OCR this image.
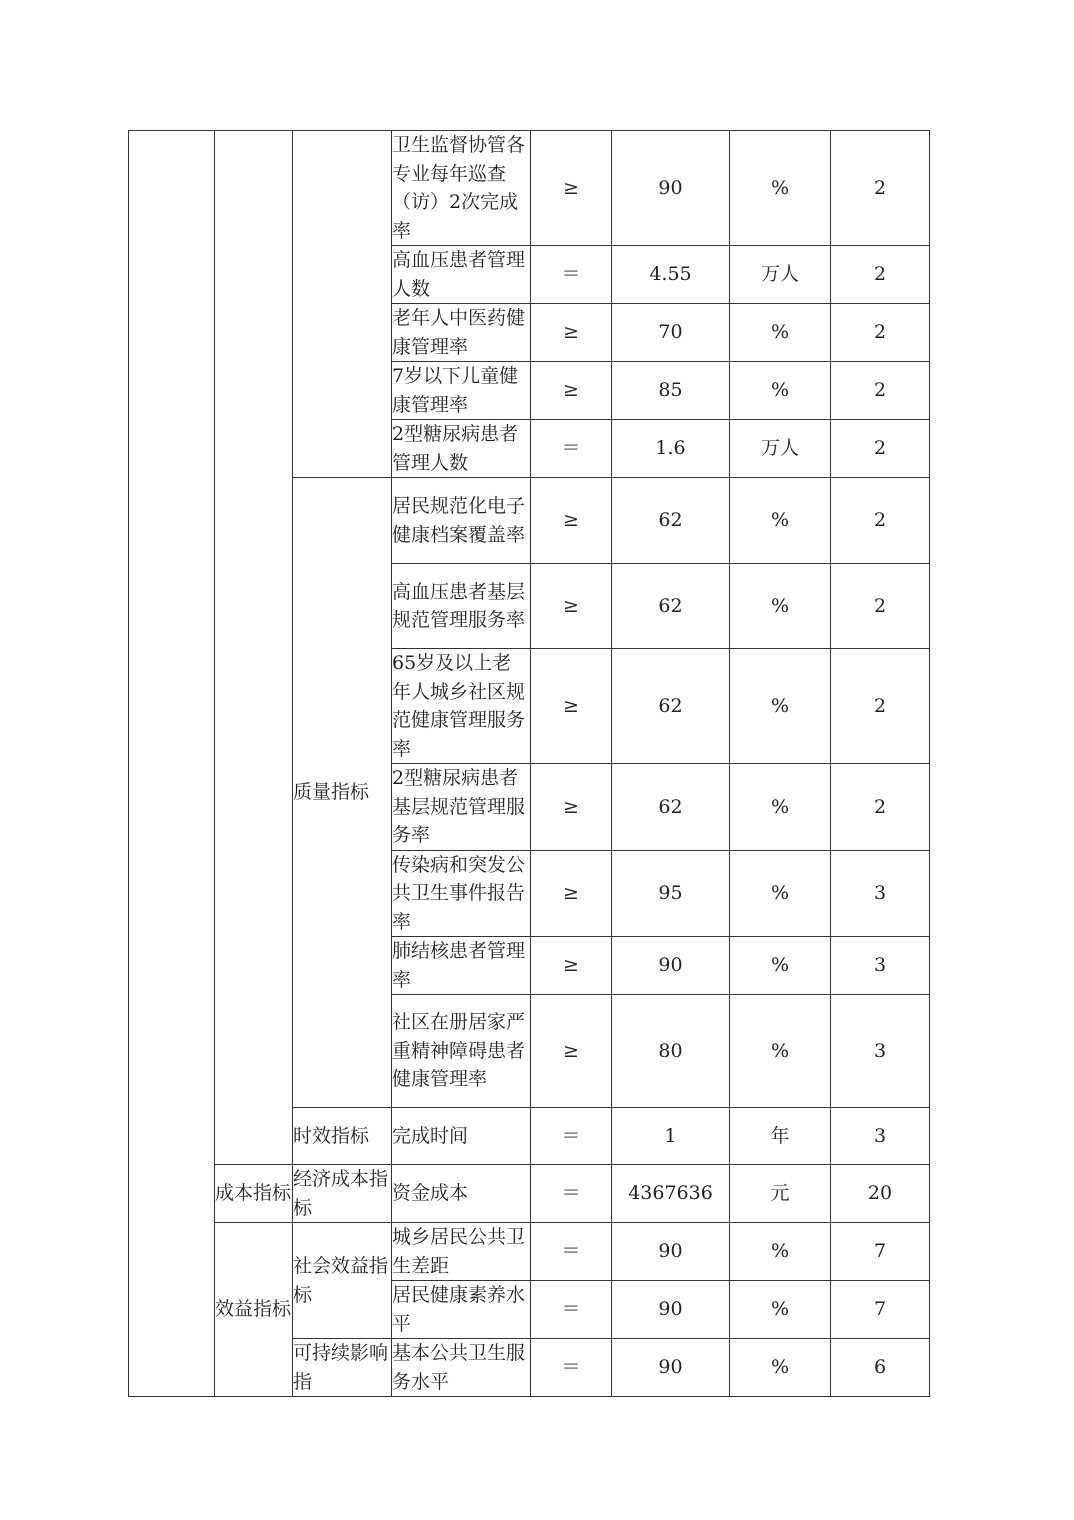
			卫生监督协管各专业每年巡查（访）2次完成率	≥	90	%	2
			高血压患者管理人数	＝	4.55	万人	2
			老年人中医药健康管理率	≥	70	%	2
			7岁以下儿童健康管理率	≥	85	%	2
			2型糖尿病患者管理人数	＝	1.6	万人	2
		质量指标	居民规范化电子健康档案覆盖率	≥	62	%	2
			高血压患者基层规范管理服务率	≥	62	%	2
			65岁及以上老年人城乡社区规范健康管理服务率	≥	62	%	2
			2型糖尿病患者基层规范管理服务率	≥	62	%	2
			传染病和突发公共卫生事件报告率	≥	95	%	3
			肺结核患者管理率	≥	90	%	3
			社区在册居家严重精神障碍患者健康管理率	≥	80	%	3
		时效指标	完成时间	＝	1	年	3
	成本指标	经济成本指标	资金成本	＝	4367636	元	20
	效益指标	社会效益指标	城乡居民公共卫生差距	＝	90	%	7
			居民健康素养水平	＝	90	%	7
		可持续影响指	基本公共卫生服务水平	＝	90	%	6
